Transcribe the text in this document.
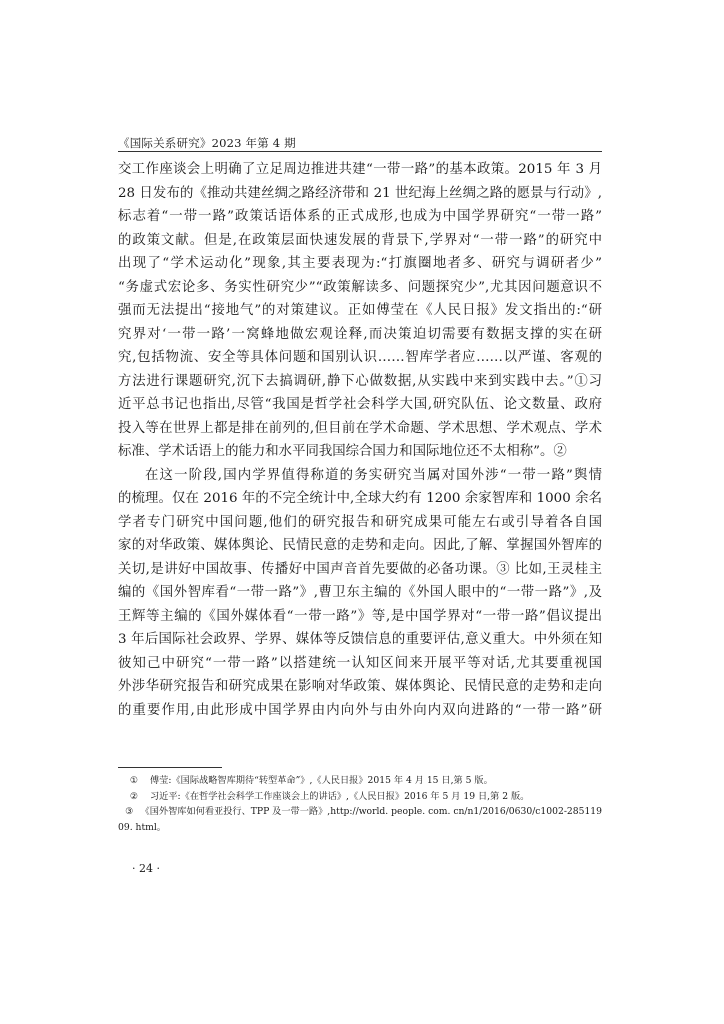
《国际关系研究》2023 年第 4 期
交工作座谈会上明确了立足周边推进共建“一带一路”的基本政策。2015 年 3 月
28 日发布的《推动共建丝绸之路经济带和 21 世纪海上丝绸之路的愿景与行动》,
标志着“一带一路”政策话语体系的正式成形,也成为中国学界研究“一带一路”
的政策文献。但是,在政策层面快速发展的背景下,学界对“一带一路”的研究中
出现了“学术运动化”现象,其主要表现为:“打旗圈地者多、研究与调研者少”
“务虚式宏论多、务实性研究少”“政策解读多、问题探究少”,尤其因问题意识不
强而无法提出“接地气”的对策建议。正如傅莹在《人民日报》发文指出的:“研
究界对‘一带一路’一窝蜂地做宏观诠释,而决策迫切需要有数据支撑的实在研
究,包括物流、安全等具体问题和国别认识……智库学者应……以严谨、客观的
方法进行课题研究,沉下去搞调研,静下心做数据,从实践中来到实践中去。”①习
近平总书记也指出,尽管“我国是哲学社会科学大国,研究队伍、论文数量、政府
投入等在世界上都是排在前列的,但目前在学术命题、学术思想、学术观点、学术
标准、学术话语上的能力和水平同我国综合国力和国际地位还不太相称”。②
在这一阶段,国内学界值得称道的务实研究当属对国外涉“一带一路”舆情
的梳理。仅在 2016 年的不完全统计中,全球大约有 1200 余家智库和 1000 余名
学者专门研究中国问题,他们的研究报告和研究成果可能左右或引导着各自国
家的对华政策、媒体舆论、民情民意的走势和走向。因此,了解、掌握国外智库的
关切,是讲好中国故事、传播好中国声音首先要做的必备功课。③ 比如,王灵桂主
编的《国外智库看“一带一路”》,曹卫东主编的《外国人眼中的“一带一路”》,及
王辉等主编的《国外媒体看“一带一路”》等,是中国学界对“一带一路”倡议提出
3 年后国际社会政界、学界、媒体等反馈信息的重要评估,意义重大。中外须在知
彼知己中研究“一带一路”以搭建统一认知区间来开展平等对话,尤其要重视国
外涉华研究报告和研究成果在影响对华政策、媒体舆论、民情民意的走势和走向
的重要作用,由此形成中国学界由内向外与由外向内双向进路的“一带一路”研
①	傅莹:《国际战略智库期待“转型革命”》,《人民日报》2015 年 4 月 15 日,第 5 版。
②	习近平:《在哲学社会科学工作座谈会上的讲话》,《人民日报》2016 年 5 月 19 日,第 2 版。
③ 《国外智库如何看亚投行、TPP 及一带一路》,http://world. people. com. cn/n1/2016/0630/c1002-285119
09. html。
· 24 ·
